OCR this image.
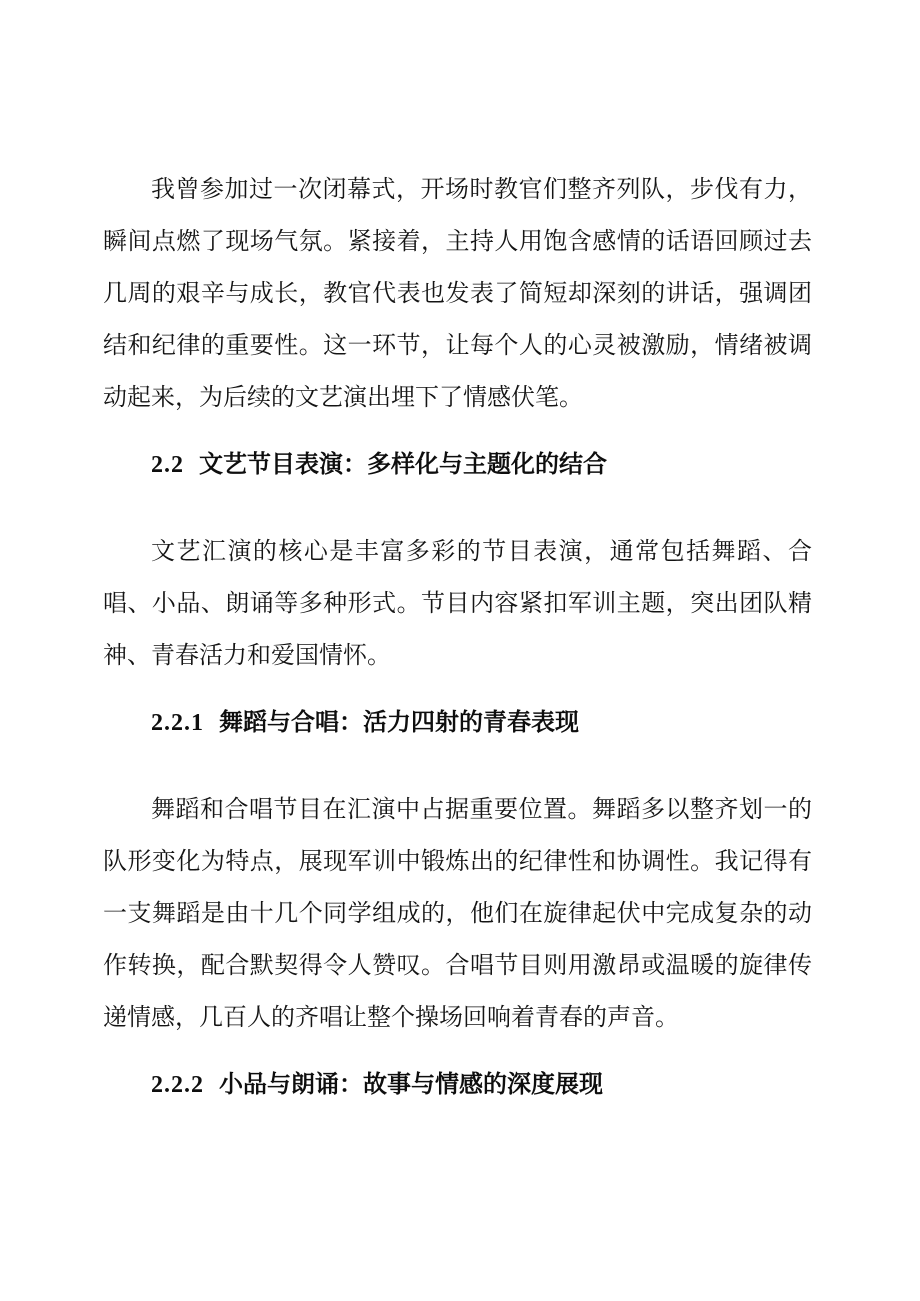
我曾参加过一次闭幕式，开场时教官们整齐列队，步伐有力，瞬间点燃了现场气氛。紧接着，主持人用饱含感情的话语回顾过去几周的艰辛与成长，教官代表也发表了简短却深刻的讲话，强调团结和纪律的重要性。这一环节，让每个人的心灵被激励，情绪被调动起来，为后续的文艺演出埋下了情感伏笔。

2.2 文艺节目表演：多样化与主题化的结合

文艺汇演的核心是丰富多彩的节目表演，通常包括舞蹈、合唱、小品、朗诵等多种形式。节目内容紧扣军训主题，突出团队精神、青春活力和爱国情怀。

2.2.1 舞蹈与合唱：活力四射的青春表现

舞蹈和合唱节目在汇演中占据重要位置。舞蹈多以整齐划一的队形变化为特点，展现军训中锻炼出的纪律性和协调性。我记得有一支舞蹈是由十几个同学组成的，他们在旋律起伏中完成复杂的动作转换，配合默契得令人赞叹。合唱节目则用激昂或温暖的旋律传递情感，几百人的齐唱让整个操场回响着青春的声音。

2.2.2 小品与朗诵：故事与情感的深度展现
